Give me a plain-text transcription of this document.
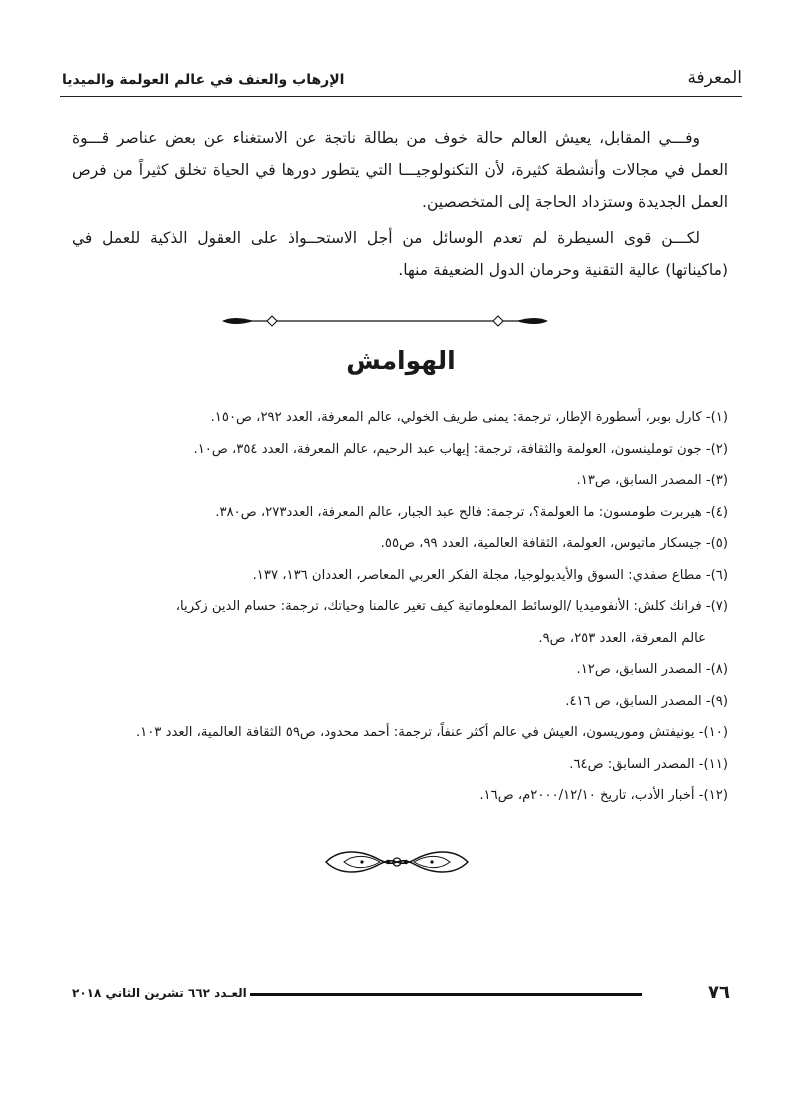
الإرهاب والعنف في عالم العولمة والميديا	المعرفة

وفـــي المقابل، يعيش العالم حالة خوف من بطالة ناتجة عن الاستغناء عن بعض عناصر قـــوة العمل في مجالات وأنشطة كثيرة، لأن التكنولوجيـــا التي يتطور دورها في الحياة تخلق كثيراً من فرص العمل الجديدة وستزداد الحاجة إلى المتخصصين.

لكـــن قوى السيطرة لم تعدم الوسائل من أجل الاستحــواذ على العقول الذكية للعمل في (ماكيناتها) عالية التقنية وحرمان الدول الضعيفة منها.

الهوامش
(١)- كارل بوبر، أسطورة الإطار، ترجمة: يمنى طريف الخولي، عالم المعرفة، العدد ٢٩٢، ص١٥٠.
(٢)- جون توملينسون، العولمة والثقافة، ترجمة: إيهاب عبد الرحيم، عالم المعرفة، العدد ٣٥٤، ص١٠.
(٣)- المصدر السابق، ص١٣.
(٤)- هيربرت طومسون: ما العولمة؟، ترجمة: فالح عبد الجبار، عالم المعرفة، العدد٢٧٣، ص٣٨٠.
(٥)- جيسكار ماتيوس، العولمة، الثقافة العالمية، العدد ٩٩، ص٥٥.
(٦)- مطاع صفدي: السوق والأيديولوجيا، مجلة الفكر العربي المعاصر، العددان ١٣٦، ١٣٧.
(٧)- فرانك كلش: الأنفوميديا /الوسائط المعلوماتية كيف تغير عالمنا وحياتك، ترجمة: حسام الدين زكريا،
عالم المعرفة، العدد ٢٥٣، ص٩.
(٨)- المصدر السابق، ص١٢.
(٩)- المصدر السابق، ص ٤١٦.
(١٠)- يونيفتش وموريسون، العيش في عالم أكثر عنفاً، ترجمة: أحمد محدود، ص٥٩ الثقافة العالمية، العدد ١٠٣.
(١١)- المصدر السابق: ص٦٤.
(١٢)- أخبار الأدب، تاريخ ٢٠٠٠/١٢/١٠م، ص١٦.
٧٦
العـدد ٦٦٢ تشرين الثاني ٢٠١٨
